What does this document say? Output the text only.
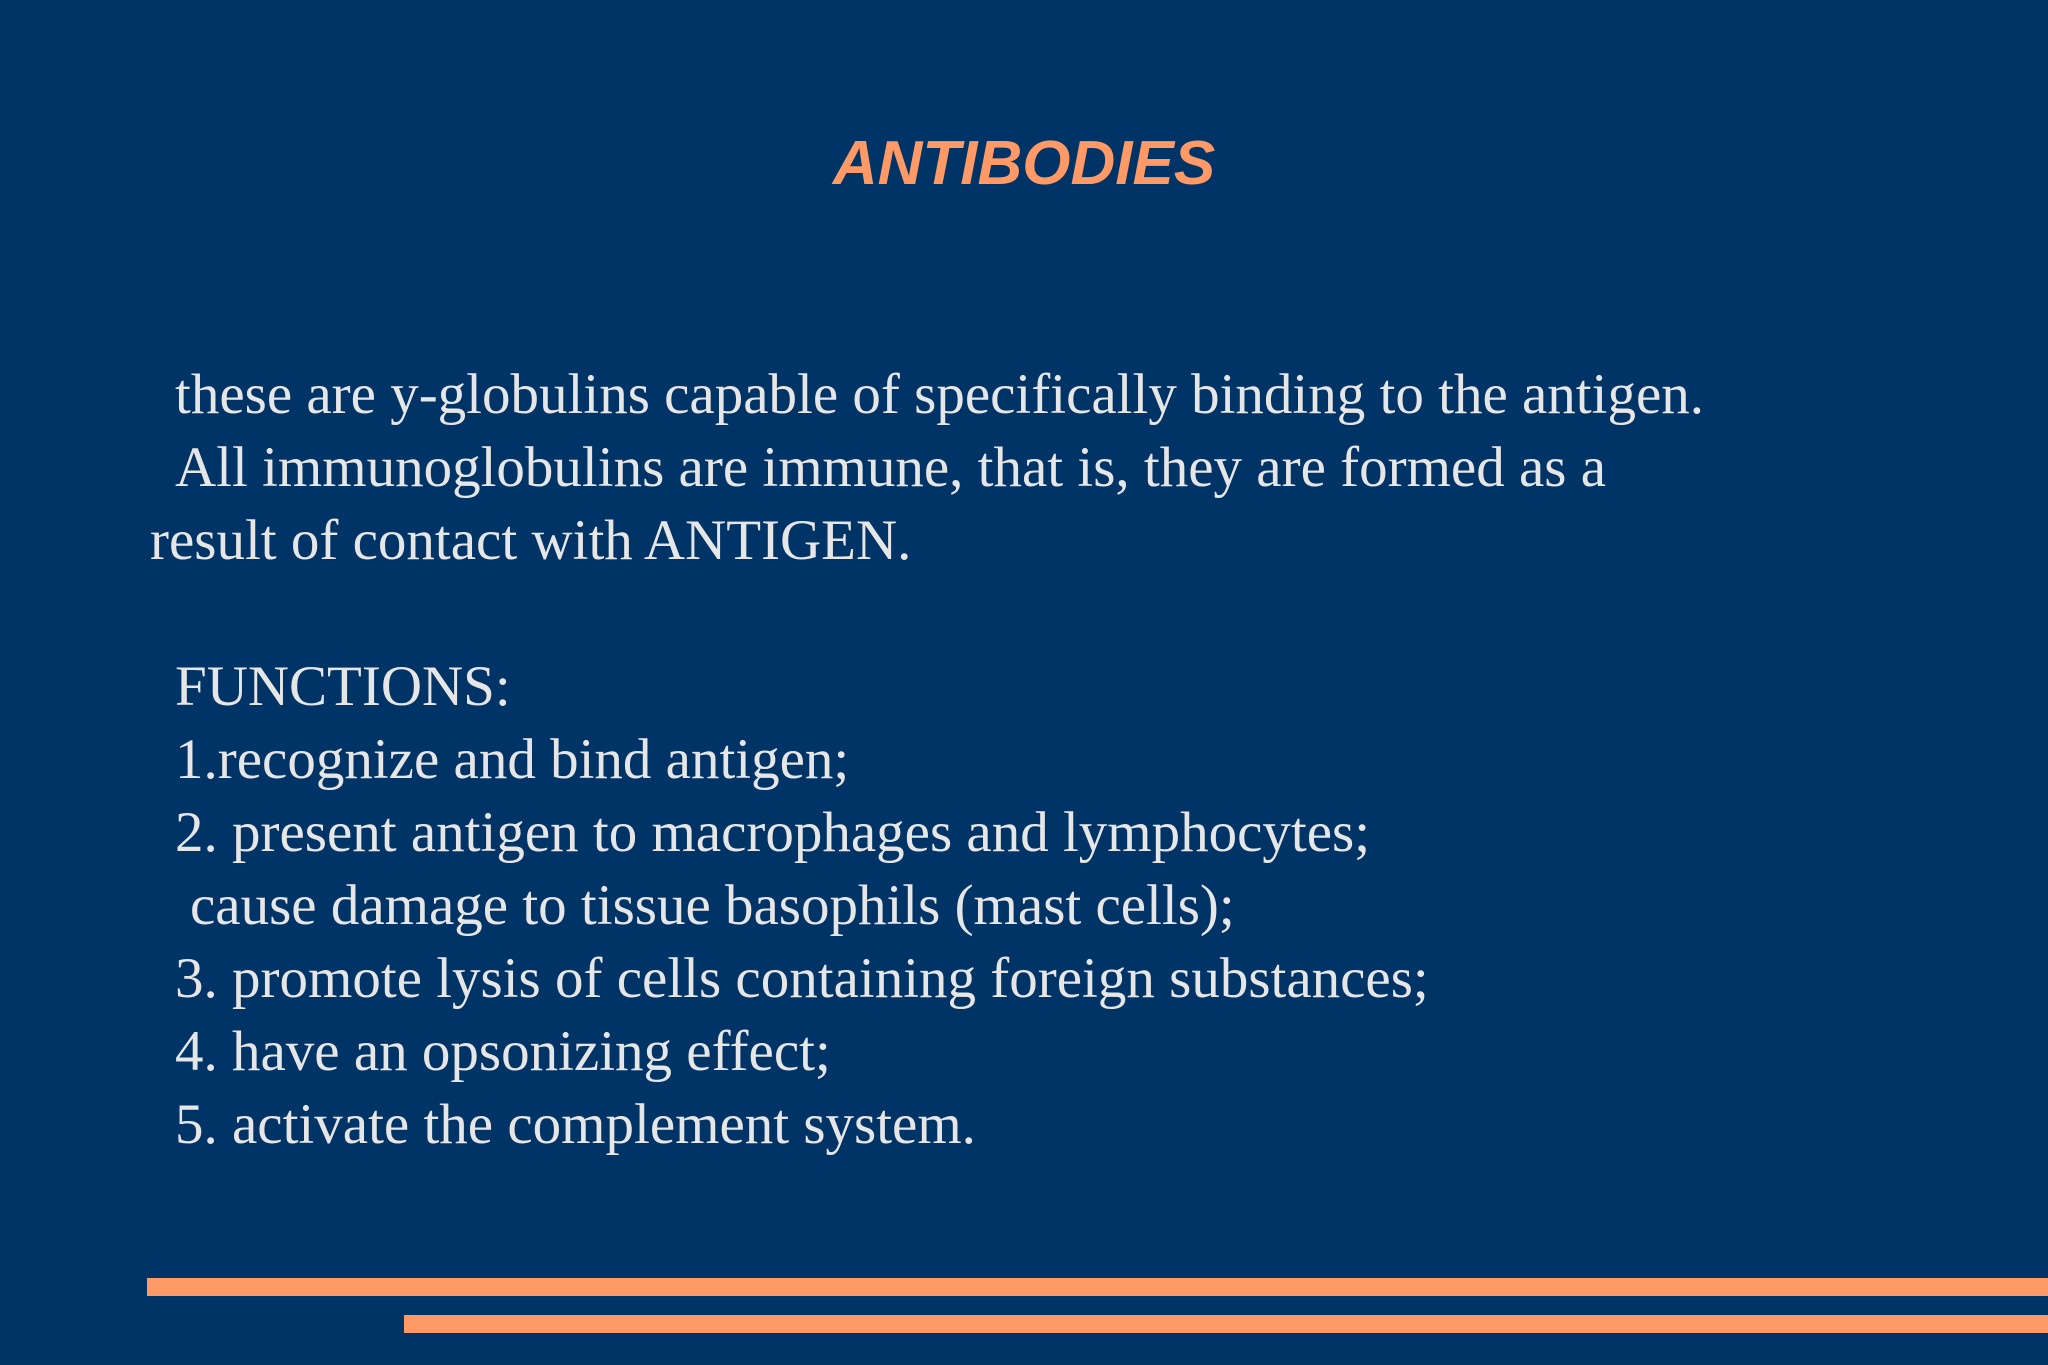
ANTIBODIES
these are y-globulins capable of specifically binding to the antigen.
All immunoglobulins are immune, that is, they are formed as a
result of contact with ANTIGEN.
FUNCTIONS:
1.recognize and bind antigen;
2. present antigen to macrophages and lymphocytes;
cause damage to tissue basophils (mast cells);
3. promote lysis of cells containing foreign substances;
4. have an opsonizing effect;
5. activate the complement system.
